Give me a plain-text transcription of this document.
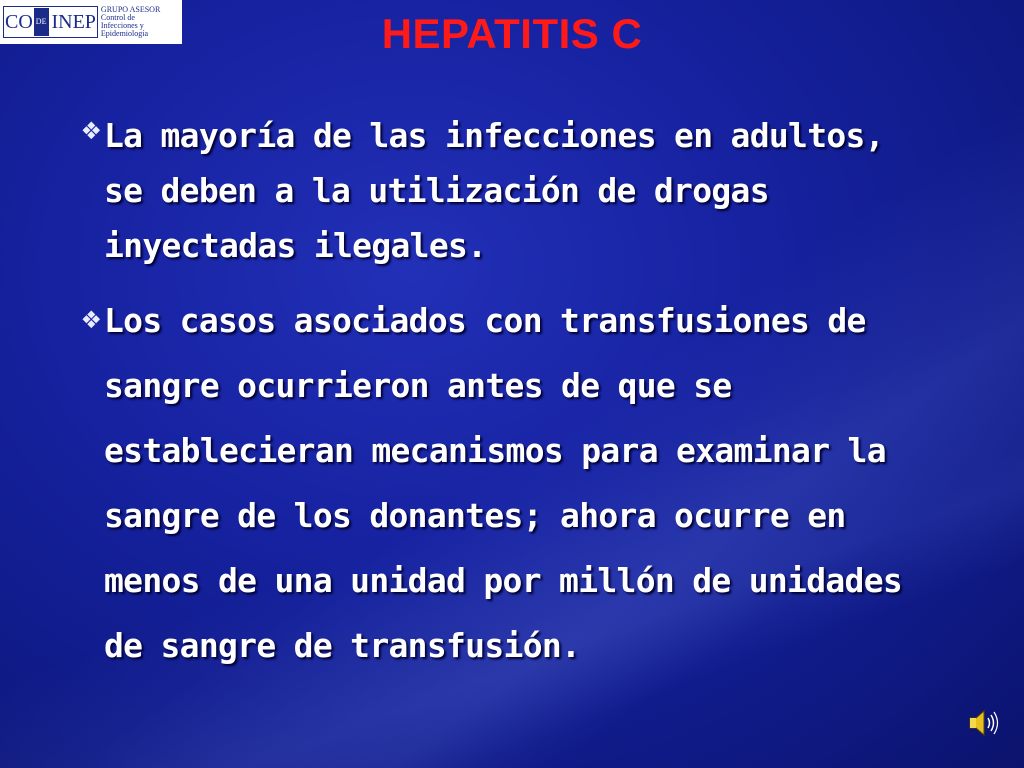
CO DE INEP
GRUPO ASESOR
Control de
Infecciones y
Epidemiología	HEPATITIS C
❖ La mayoría de las infecciones en adultos, se deben a la utilización de drogas inyectadas ilegales.
❖ Los casos asociados con transfusiones de sangre ocurrieron antes de que se establecieran mecanismos para examinar la sangre de los donantes; ahora ocurre en menos de una unidad por millón de unidades de sangre de transfusión.
